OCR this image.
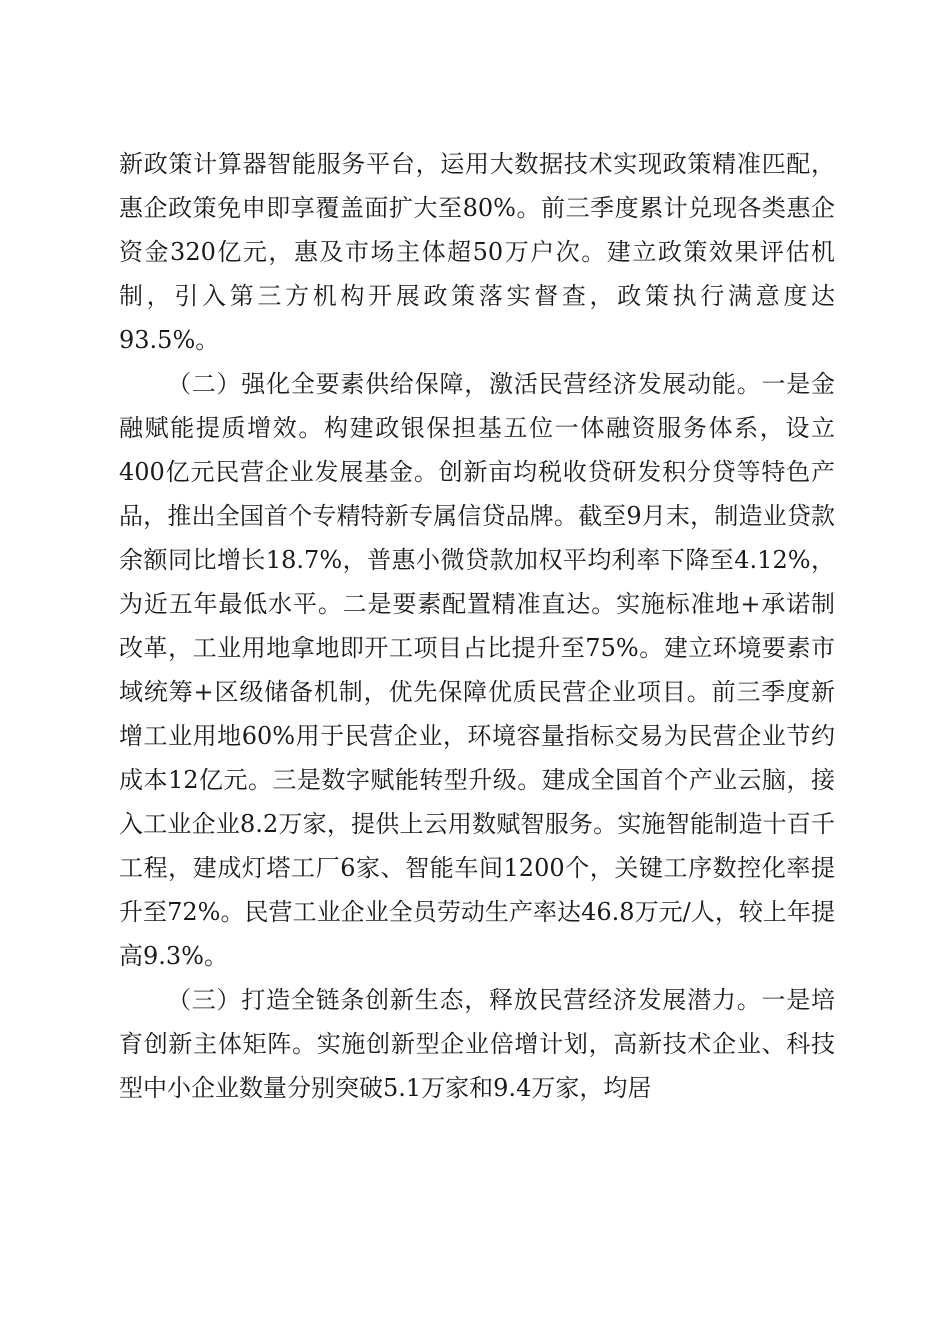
新政策计算器智能服务平台，运用大数据技术实现政策精准匹配，惠企政策免申即享覆盖面扩大至80%。前三季度累计兑现各类惠企资金320亿元，惠及市场主体超50万户次。建立政策效果评估机制，引入第三方机构开展政策落实督查，政策执行满意度达93.5%。

（二）强化全要素供给保障，激活民营经济发展动能。一是金融赋能提质增效。构建政银保担基五位一体融资服务体系，设立400亿元民营企业发展基金。创新亩均税收贷研发积分贷等特色产品，推出全国首个专精特新专属信贷品牌。截至9月末，制造业贷款余额同比增长18.7%，普惠小微贷款加权平均利率下降至4.12%，为近五年最低水平。二是要素配置精准直达。实施标准地+承诺制改革，工业用地拿地即开工项目占比提升至75%。建立环境要素市域统筹+区级储备机制，优先保障优质民营企业项目。前三季度新增工业用地60%用于民营企业，环境容量指标交易为民营企业节约成本12亿元。三是数字赋能转型升级。建成全国首个产业云脑，接入工业企业8.2万家，提供上云用数赋智服务。实施智能制造十百千工程，建成灯塔工厂6家、智能车间1200个，关键工序数控化率提升至72%。民营工业企业全员劳动生产率达46.8万元/人，较上年提高9.3%。

（三）打造全链条创新生态，释放民营经济发展潜力。一是培育创新主体矩阵。实施创新型企业倍增计划，高新技术企业、科技型中小企业数量分别突破5.1万家和9.4万家，均居
